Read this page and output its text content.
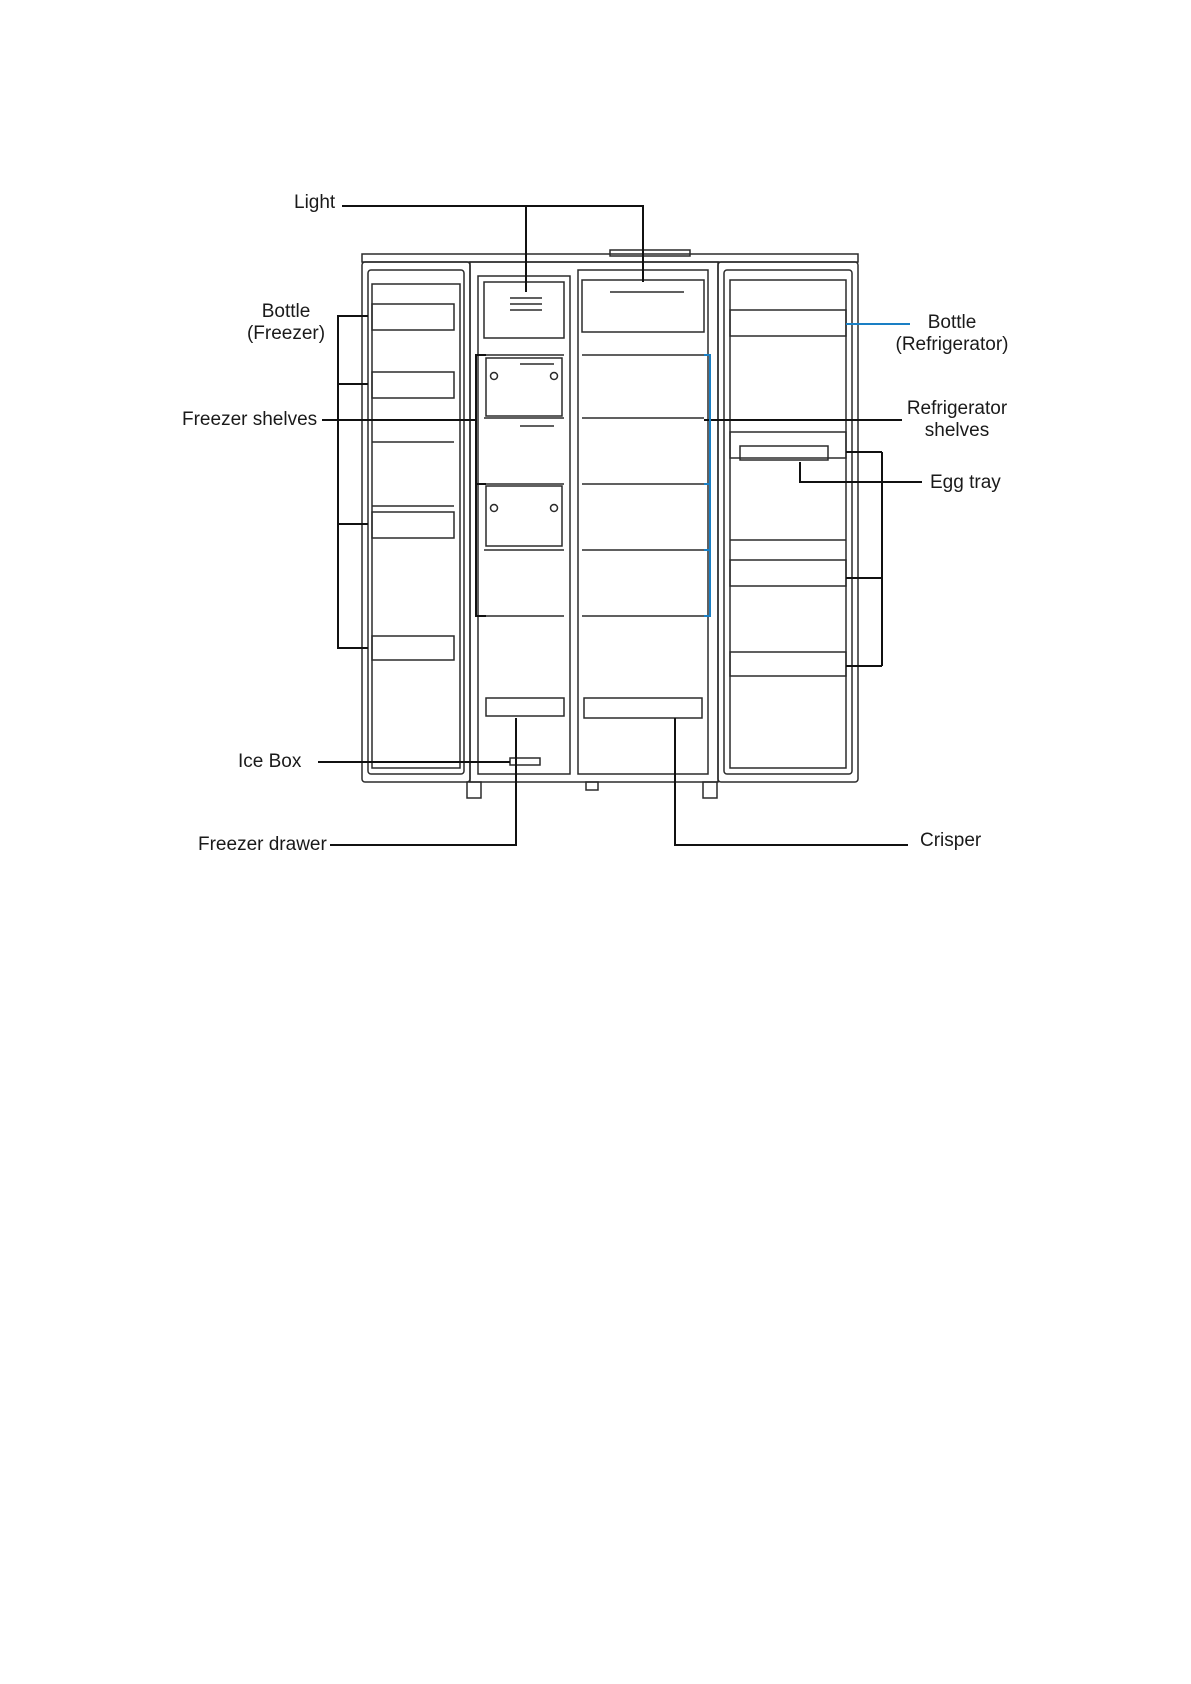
Light
Bottle
(Freezer)
Freezer shelves
Bottle
(Refrigerator)
Refrigerator
shelves
Egg tray
Ice Box
Freezer drawer	Crisper
